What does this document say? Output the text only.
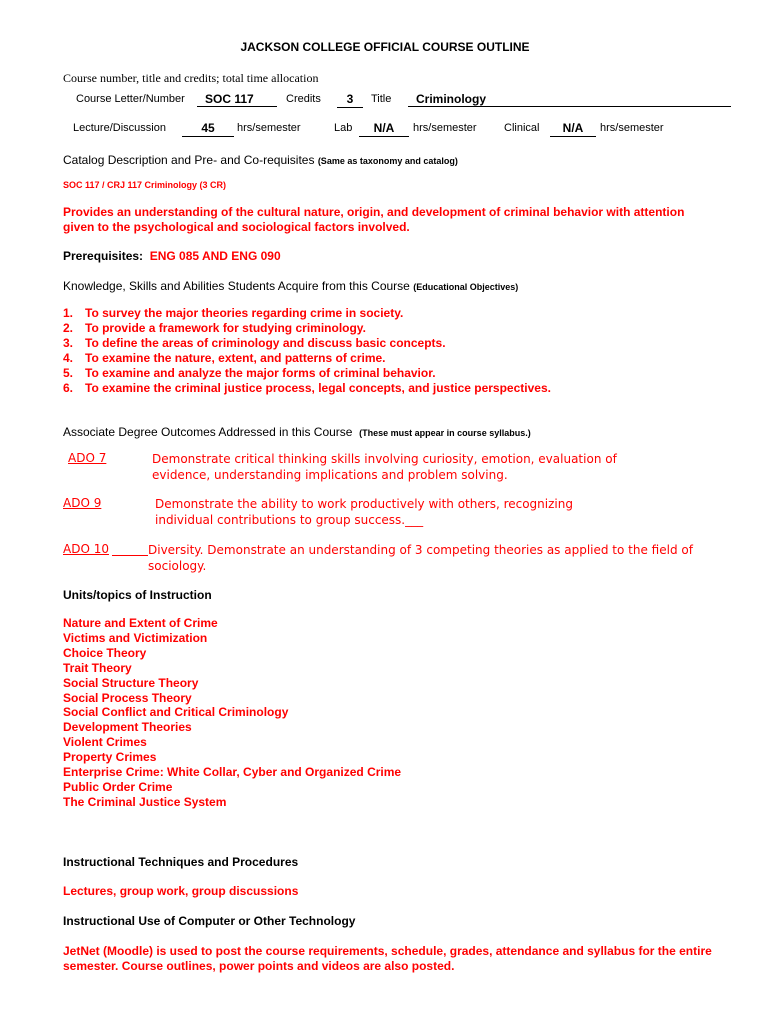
JACKSON COLLEGE OFFICIAL COURSE OUTLINE
Course number, title and credits; total time allocation
Course Letter/Number	SOC 117	Credits	3	Title	Criminology
Lecture/Discussion	45	hrs/semester	Lab	N/A	hrs/semester Clinical	N/A	hrs/semester
Catalog Description and Pre- and Co-requisites (Same as taxonomy and catalog)
SOC 117 / CRJ 117 Criminology (3 CR)
Provides an understanding of the cultural nature, origin, and development of criminal behavior with attention given to the psychological and sociological factors involved.
Prerequisites: ENG 085 AND ENG 090
Knowledge, Skills and Abilities Students Acquire from this Course (Educational Objectives)
1. To survey the major theories regarding crime in society.
2. To provide a framework for studying criminology.
3. To define the areas of criminology and discuss basic concepts.
4. To examine the nature, extent, and patterns of crime.
5. To examine and analyze the major forms of criminal behavior.
6. To examine the criminal justice process, legal concepts, and justice perspectives.
Associate Degree Outcomes Addressed in this Course (These must appear in course syllabus.)
ADO 7	Demonstrate critical thinking skills involving curiosity, emotion, evaluation of evidence, understanding implications and problem solving.
ADO 9	Demonstrate the ability to work productively with others, recognizing individual contributions to group success.___
ADO 10	Diversity. Demonstrate an understanding of 3 competing theories as applied to the field of sociology.
Units/topics of Instruction
Nature and Extent of Crime
Victims and Victimization
Choice Theory
Trait Theory
Social Structure Theory
Social Process Theory
Social Conflict and Critical Criminology
Development Theories
Violent Crimes
Property Crimes
Enterprise Crime: White Collar, Cyber and Organized Crime
Public Order Crime
The Criminal Justice System
Instructional Techniques and Procedures
Lectures, group work, group discussions
Instructional Use of Computer or Other Technology
JetNet (Moodle) is used to post the course requirements, schedule, grades, attendance and syllabus for the entire semester. Course outlines, power points and videos are also posted.
